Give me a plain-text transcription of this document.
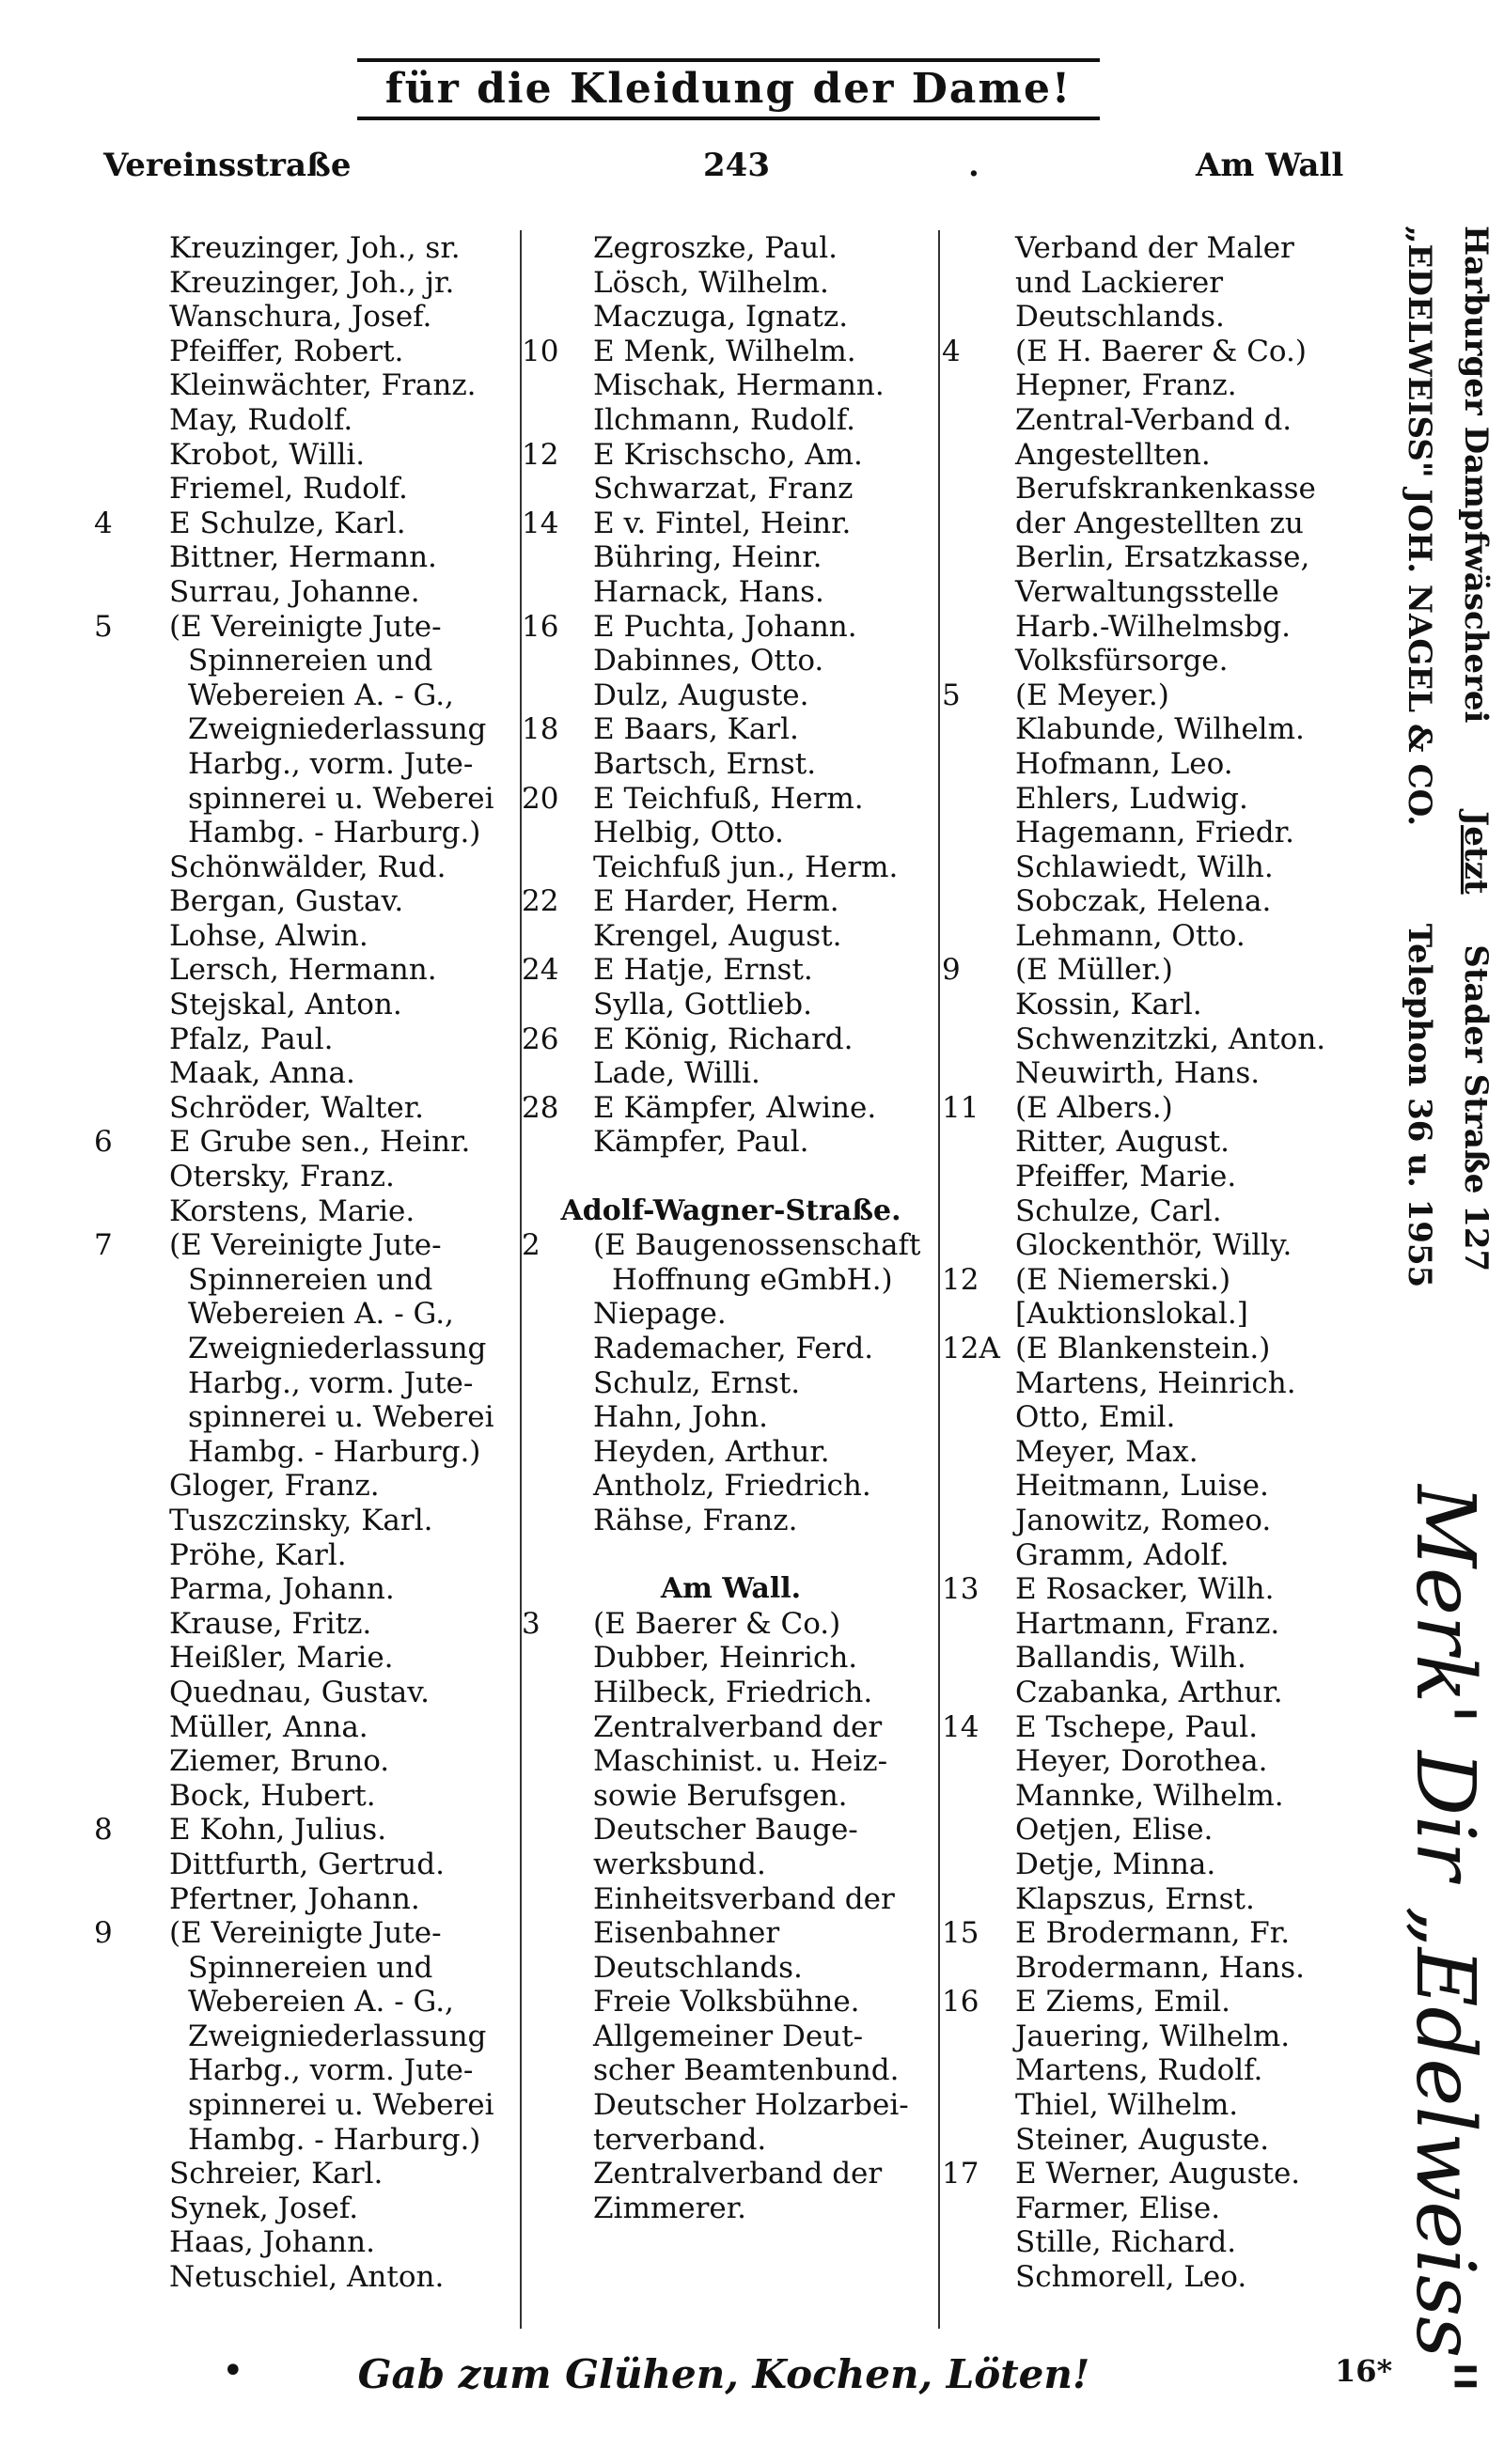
für die Kleidung der Dame!
Vereinsstraße	243	.	Am Wall
Kreuzinger, Joh., sr.
Kreuzinger, Joh., jr.
Wanschura, Josef.
Pfeiffer, Robert.
Kleinwächter, Franz.
May, Rudolf.
Krobot, Willi.
Friemel, Rudolf.
4	E Schulze, Karl.
Bittner, Hermann.
Surrau, Johanne.
5	(E Vereinigte Jute-
Spinnereien und
Webereien A. - G.,
Zweigniederlassung
Harbg., vorm. Jute-
spinnerei u. Weberei
Hambg. - Harburg.)
Schönwälder, Rud.
Bergan, Gustav.
Lohse, Alwin.
Lersch, Hermann.
Stejskal, Anton.
Pfalz, Paul.
Maak, Anna.
Schröder, Walter.
6	E Grube sen., Heinr.
Otersky, Franz.
Korstens, Marie.
7	(E Vereinigte Jute-
Spinnereien und
Webereien A. - G.,
Zweigniederlassung
Harbg., vorm. Jute-
spinnerei u. Weberei
Hambg. - Harburg.)
Gloger, Franz.
Tuszczinsky, Karl.
Pröhe, Karl.
Parma, Johann.
Krause, Fritz.
Heißler, Marie.
Quednau, Gustav.
Müller, Anna.
Ziemer, Bruno.
Bock, Hubert.
8	E Kohn, Julius.
Dittfurth, Gertrud.
Pfertner, Johann.
9	(E Vereinigte Jute-
Spinnereien und
Webereien A. - G.,
Zweigniederlassung
Harbg., vorm. Jute-
spinnerei u. Weberei
Hambg. - Harburg.)
Schreier, Karl.
Synek, Josef.
Haas, Johann.
Netuschiel, Anton.
Zegroszke, Paul.
Lösch, Wilhelm.
Maczuga, Ignatz.
10 E Menk, Wilhelm.
Mischak, Hermann.
Ilchmann, Rudolf.
12 E Krischscho, Am.
Schwarzat, Franz
14 E v. Fintel, Heinr.
Bühring, Heinr.
Harnack, Hans.
16 E Puchta, Johann.
Dabinnes, Otto.
Dulz, Auguste.
18 E Baars, Karl.
Bartsch, Ernst.
20 E Teichfuß, Herm.
Helbig, Otto.
Teichfuß jun., Herm.
22 E Harder, Herm.
Krengel, August.
24 E Hatje, Ernst.
Sylla, Gottlieb.
26 E König, Richard.
Lade, Willi.
28 E Kämpfer, Alwine.
Kämpfer, Paul.
Adolf-Wagner-Straße.
2	(E Baugenossenschaft
Hoffnung eGmbH.)
Niepage.
Rademacher, Ferd.
Schulz, Ernst.
Hahn, John.
Heyden, Arthur.
Antholz, Friedrich.
Rähse, Franz.
Am Wall.
3	(E Baerer & Co.)
Dubber, Heinrich.
Hilbeck, Friedrich.
Zentralverband der
Maschinist. u. Heiz-
sowie Berufsgen.
Deutscher Bauge-
werksbund.
Einheitsverband der
Eisenbahner
Deutschlands.
Freie Volksbühne.
Allgemeiner Deut-
scher Beamtenbund.
Deutscher Holzarbei-
terverband.
Zentralverband der
Zimmerer.
Verband der Maler
und Lackierer
Deutschlands.
4	(E H. Baerer & Co.)
Hepner, Franz.
Zentral-Verband d.
Angestellten.
Berufskrankenkasse
der Angestellten zu
Berlin, Ersatzkasse,
Verwaltungsstelle
Harb.-Wilhelmsbg.
Volksfürsorge.
5	(E Meyer.)
Klabunde, Wilhelm.
Hofmann, Leo.
Ehlers, Ludwig.
Hagemann, Friedr.
Schlawiedt, Wilh.
Sobczak, Helena.
Lehmann, Otto.
9	(E Müller.)
Kossin, Karl.
Schwenzitzki, Anton.
Neuwirth, Hans.
11 (E Albers.)
Ritter, August.
Pfeiffer, Marie.
Schulze, Carl.
Glockenthör, Willy.
12 (E Niemerski.)
[Auktionslokal.]
12A (E Blankenstein.)
Martens, Heinrich.
Otto, Emil.
Meyer, Max.
Heitmann, Luise.
Janowitz, Romeo.
Gramm, Adolf.
13 E Rosacker, Wilh.
Hartmann, Franz.
Ballandis, Wilh.
Czabanka, Arthur.
14 E Tschepe, Paul.
Heyer, Dorothea.
Mannke, Wilhelm.
Oetjen, Elise.
Detje, Minna.
Klapszus, Ernst.
15 E Brodermann, Fr.
Brodermann, Hans.
16 E Ziems, Emil.
Jauering, Wilhelm.
Martens, Rudolf.
Thiel, Wilhelm.
Steiner, Auguste.
17 E Werner, Auguste.
Farmer, Elise.
Stille, Richard.
Schmorell, Leo.
Harburger Dampfwäscherei  Jetzt  Stader Straße 127
„EDELWEISS" JOH. NAGEL & CO.  Telephon 36 u. 1955
Merk' Dir „Edelweiss"
•	Gab zum Glühen, Kochen, Löten!	16*
